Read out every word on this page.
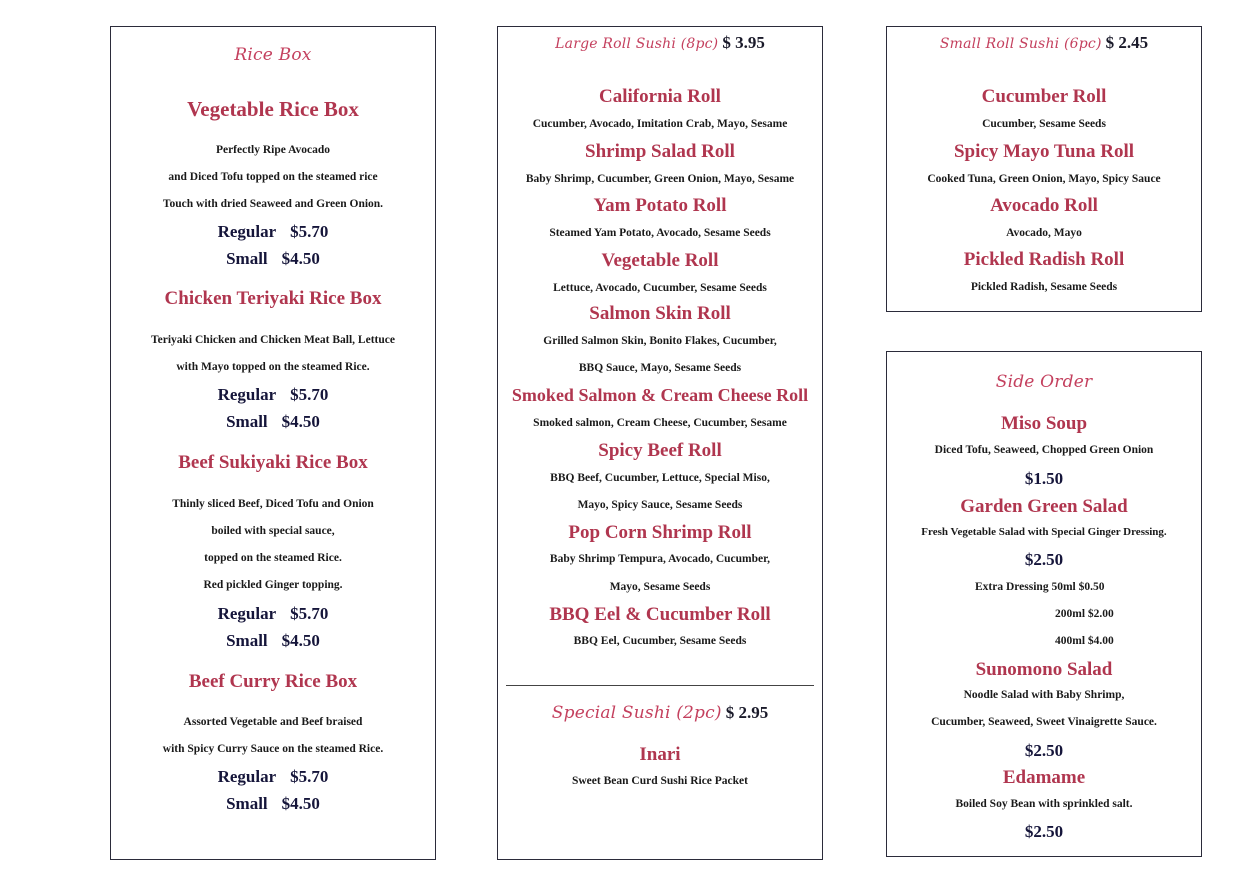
Rice Box
Vegetable Rice Box
Perfectly Ripe Avocado
and Diced Tofu topped on the steamed rice
Touch with dried Seaweed and Green Onion.
Regular $5.70
Small $4.50
Chicken Teriyaki Rice Box
Teriyaki Chicken and Chicken Meat Ball, Lettuce
with Mayo topped on the steamed Rice.
Regular $5.70
Small $4.50
Beef Sukiyaki Rice Box
Thinly sliced Beef, Diced Tofu and Onion
boiled with special sauce,
topped on the steamed Rice.
Red pickled Ginger topping.
Regular $5.70
Small $4.50
Beef Curry Rice Box
Assorted Vegetable and Beef braised
with Spicy Curry Sauce on the steamed Rice.
Regular $5.70
Small $4.50
Large Roll Sushi (8pc) $ 3.95
California Roll
Cucumber, Avocado, Imitation Crab, Mayo, Sesame
Shrimp Salad Roll
Baby Shrimp, Cucumber, Green Onion, Mayo, Sesame
Yam Potato Roll
Steamed Yam Potato, Avocado, Sesame Seeds
Vegetable Roll
Lettuce, Avocado, Cucumber, Sesame Seeds
Salmon Skin Roll
Grilled Salmon Skin, Bonito Flakes, Cucumber,
BBQ Sauce, Mayo, Sesame Seeds
Smoked Salmon & Cream Cheese Roll
Smoked salmon, Cream Cheese, Cucumber, Sesame
Spicy Beef Roll
BBQ Beef, Cucumber, Lettuce, Special Miso,
Mayo, Spicy Sauce, Sesame Seeds
Pop Corn Shrimp Roll
Baby Shrimp Tempura, Avocado, Cucumber,
Mayo, Sesame Seeds
BBQ Eel & Cucumber Roll
BBQ Eel, Cucumber, Sesame Seeds
Special Sushi (2pc) $ 2.95
Inari
Sweet Bean Curd Sushi Rice Packet
Small Roll Sushi (6pc) $ 2.45
Cucumber Roll
Cucumber, Sesame Seeds
Spicy Mayo Tuna Roll
Cooked Tuna, Green Onion, Mayo, Spicy Sauce
Avocado Roll
Avocado, Mayo
Pickled Radish Roll
Pickled Radish, Sesame Seeds
Side Order
Miso Soup
Diced Tofu, Seaweed, Chopped Green Onion
$1.50
Garden Green Salad
Fresh Vegetable Salad with Special Ginger Dressing.
$2.50
Extra Dressing 50ml $0.50
200ml $2.00
400ml $4.00
Sunomono Salad
Noodle Salad with Baby Shrimp,
Cucumber, Seaweed, Sweet Vinaigrette Sauce.
$2.50
Edamame
Boiled Soy Bean with sprinkled salt.
$2.50
